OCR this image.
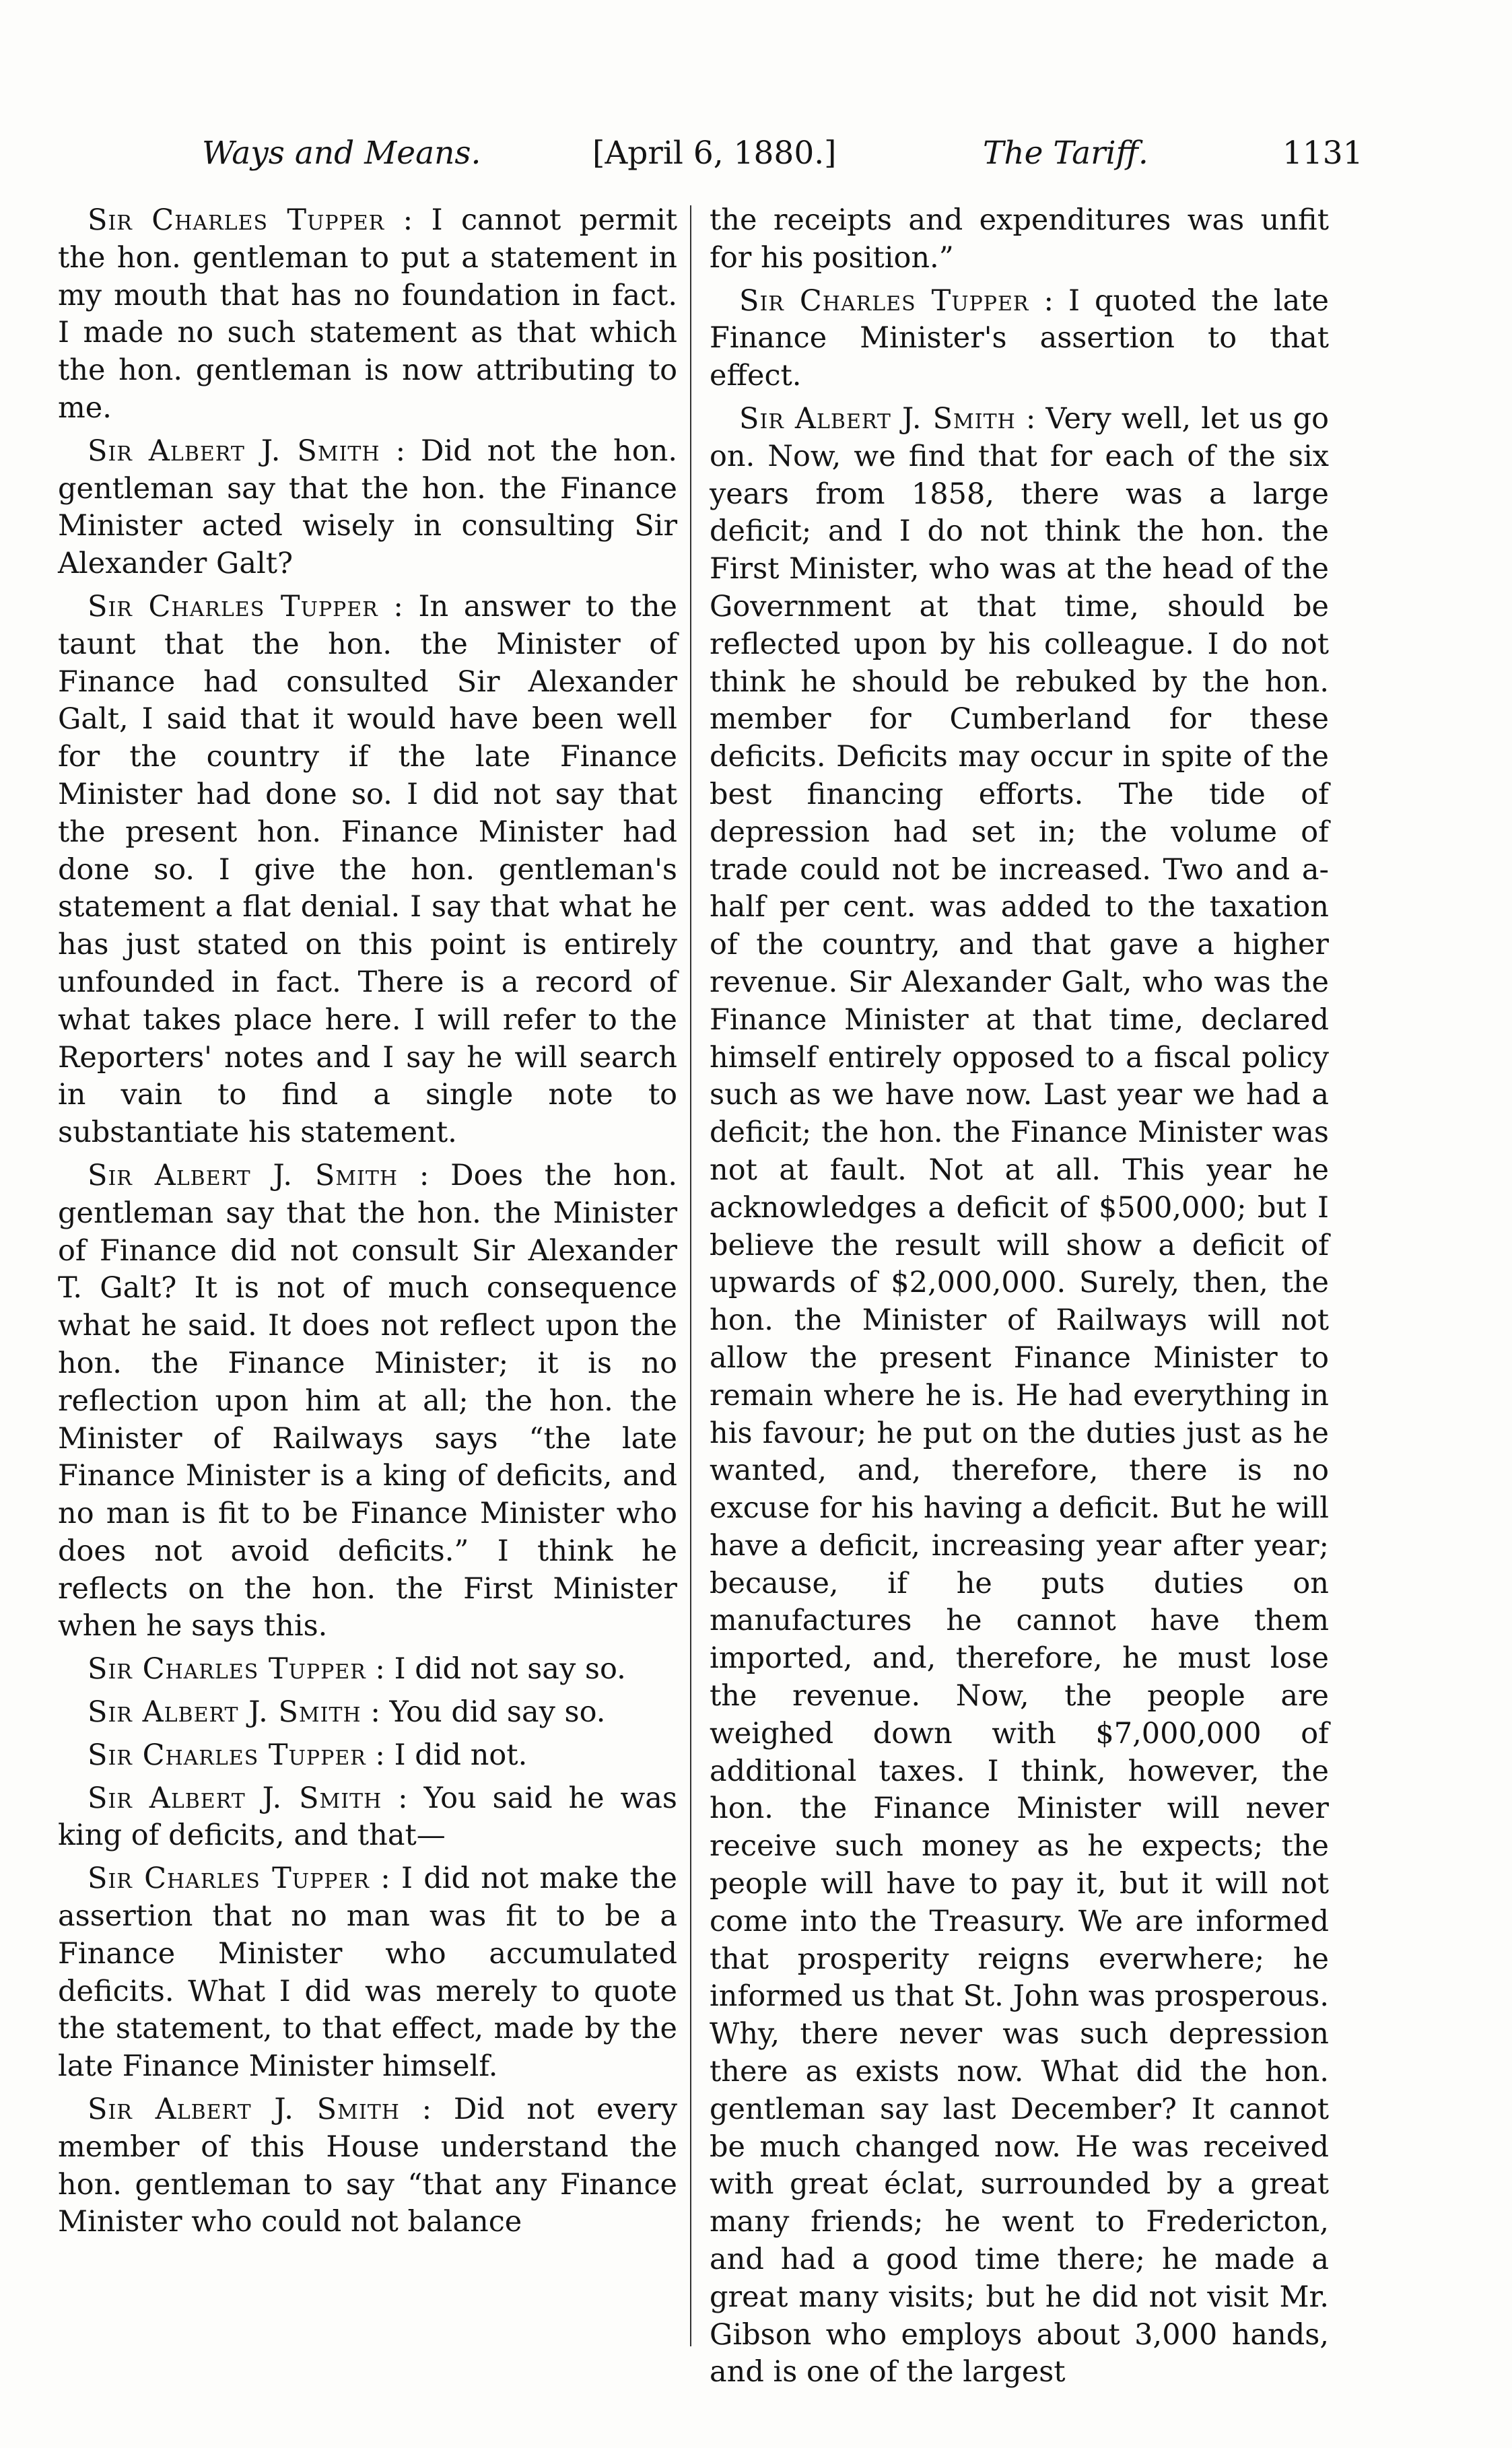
Ways and Means.	[April 6, 1880.]	The Tariff.	1131

Sir Charles Tupper : I cannot permit the hon. gentleman to put a statement in my mouth that has no foundation in fact. I made no such statement as that which the hon. gentleman is now attributing to me.

Sir Albert J. Smith : Did not the hon. gentleman say that the hon. the Finance Minister acted wisely in consulting Sir Alexander Galt?

Sir Charles Tupper : In answer to the taunt that the hon. the Minister of Finance had consulted Sir Alexander Galt, I said that it would have been well for the country if the late Finance Minister had done so. I did not say that the present hon. Finance Minister had done so. I give the hon. gentleman's statement a flat denial. I say that what he has just stated on this point is entirely unfounded in fact. There is a record of what takes place here. I will refer to the Reporters' notes and I say he will search in vain to find a single note to substantiate his statement.

Sir Albert J. Smith : Does the hon. gentleman say that the hon. the Minister of Finance did not consult Sir Alexander T. Galt? It is not of much consequence what he said. It does not reflect upon the hon. the Finance Minister; it is no reflection upon him at all; the hon. the Minister of Railways says “the late Finance Minister is a king of deficits, and no man is fit to be Finance Minister who does not avoid deficits.” I think he reflects on the hon. the First Minister when he says this.

Sir Charles Tupper : I did not say so.

Sir Albert J. Smith : You did say so.

Sir Charles Tupper : I did not.

Sir Albert J. Smith : You said he was king of deficits, and that—

Sir Charles Tupper : I did not make the assertion that no man was fit to be a Finance Minister who accumulated deficits. What I did was merely to quote the statement, to that effect, made by the late Finance Minister himself.

Sir Albert J. Smith : Did not every member of this House understand the hon. gentleman to say “that any Finance Minister who could not balance

the receipts and expenditures was unfit for his position.”

Sir Charles Tupper : I quoted the late Finance Minister's assertion to that effect.

Sir Albert J. Smith : Very well, let us go on. Now, we find that for each of the six years from 1858, there was a large deficit; and I do not think the hon. the First Minister, who was at the head of the Government at that time, should be reflected upon by his colleague. I do not think he should be rebuked by the hon. member for Cumberland for these deficits. Deficits may occur in spite of the best financing efforts. The tide of depression had set in; the volume of trade could not be increased. Two and a-half per cent. was added to the taxation of the country, and that gave a higher revenue. Sir Alexander Galt, who was the Finance Minister at that time, declared himself entirely opposed to a fiscal policy such as we have now. Last year we had a deficit; the hon. the Finance Minister was not at fault. Not at all. This year he acknowledges a deficit of $500,000; but I believe the result will show a deficit of upwards of $2,000,000. Surely, then, the hon. the Minister of Railways will not allow the present Finance Minister to remain where he is. He had everything in his favour; he put on the duties just as he wanted, and, therefore, there is no excuse for his having a deficit. But he will have a deficit, increasing year after year; because, if he puts duties on manufactures he cannot have them imported, and, therefore, he must lose the revenue. Now, the people are weighed down with $7,000,000 of additional taxes. I think, however, the hon. the Finance Minister will never receive such money as he expects; the people will have to pay it, but it will not come into the Treasury. We are informed that prosperity reigns everwhere; he informed us that St. John was prosperous. Why, there never was such depression there as exists now. What did the hon. gentleman say last December? It cannot be much changed now. He was received with great éclat, surrounded by a great many friends; he went to Fredericton, and had a good time there; he made a great many visits; but he did not visit Mr. Gibson who employs about 3,000 hands, and is one of the largest
